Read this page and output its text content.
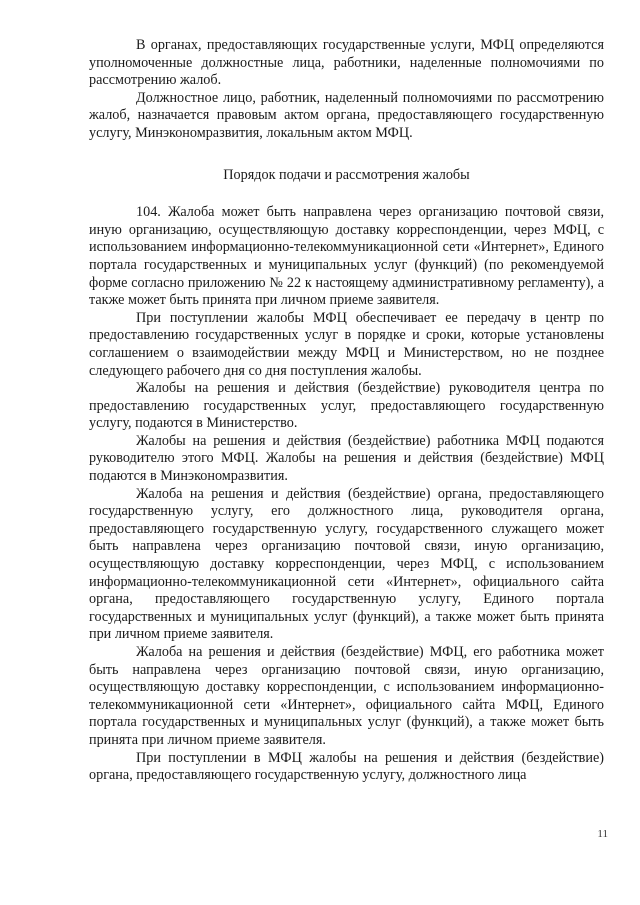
В органах, предоставляющих государственные услуги, МФЦ определяются уполномоченные должностные лица, работники, наделенные полномочиями по рассмотрению жалоб.

Должностное лицо, работник, наделенный полномочиями по рассмотрению жалоб, назначается правовым актом органа, предоставляющего государственную услугу, Минэкономразвития, локальным актом МФЦ.

Порядок подачи и рассмотрения жалобы

104. Жалоба может быть направлена через организацию почтовой связи, иную организацию, осуществляющую доставку корреспонденции, через МФЦ, с использованием информационно-телекоммуникационной сети «Интернет», Единого портала государственных и муниципальных услуг (функций) (по рекомендуемой форме согласно приложению № 22 к настоящему административному регламенту), а также может быть принята при личном приеме заявителя.

При поступлении жалобы МФЦ обеспечивает ее передачу в центр по предоставлению государственных услуг в порядке и сроки, которые установлены соглашением о взаимодействии между МФЦ и Министерством, но не позднее следующего рабочего дня со дня поступления жалобы.

Жалобы на решения и действия (бездействие) руководителя центра по предоставлению государственных услуг, предоставляющего государственную услугу, подаются в Министерство.

Жалобы на решения и действия (бездействие) работника МФЦ подаются руководителю этого МФЦ. Жалобы на решения и действия (бездействие) МФЦ подаются в Минэкономразвития.

Жалоба на решения и действия (бездействие) органа, предоставляющего государственную услугу, его должностного лица, руководителя органа, предоставляющего государственную услугу, государственного служащего может быть направлена через организацию почтовой связи, иную организацию, осуществляющую доставку корреспонденции, через МФЦ, с использованием информационно-телекоммуникационной сети «Интернет», официального сайта органа, предоставляющего государственную услугу, Единого портала государственных и муниципальных услуг (функций), а также может быть принята при личном приеме заявителя.

Жалоба на решения и действия (бездействие) МФЦ, его работника может быть направлена через организацию почтовой связи, иную организацию, осуществляющую доставку корреспонденции, с использованием информационно-телекоммуникационной сети «Интернет», официального сайта МФЦ, Единого портала государственных и муниципальных услуг (функций), а также может быть принята при личном приеме заявителя.

При поступлении в МФЦ жалобы на решения и действия (бездействие) органа, предоставляющего государственную услугу, должностного лица

11
